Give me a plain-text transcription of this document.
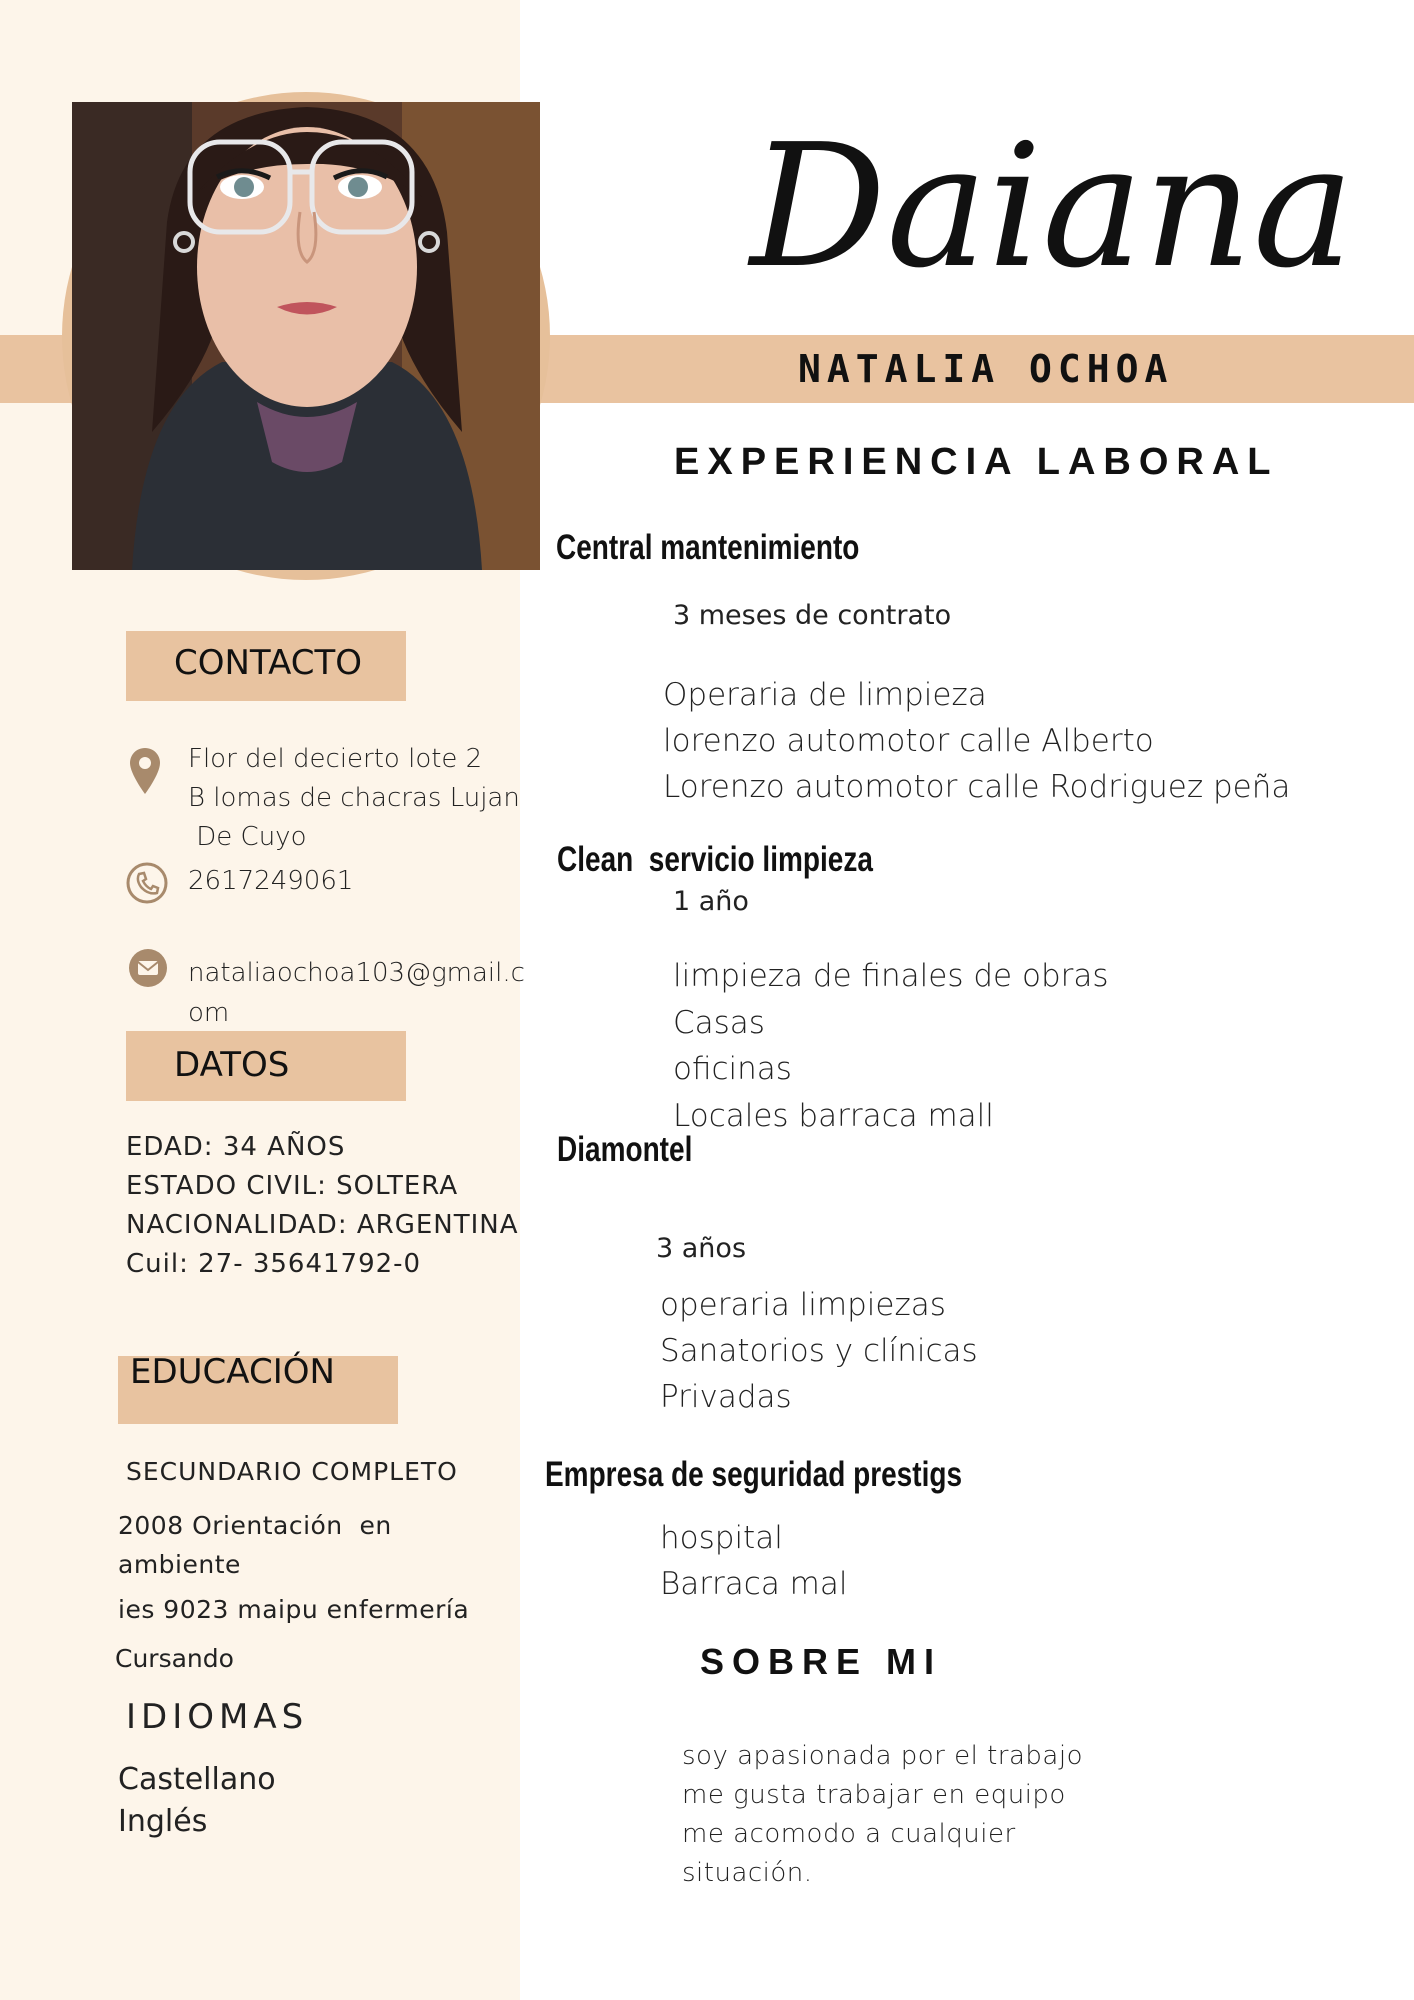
Daiana
NATALIA OCHOA
CONTACTO
Flor del decierto lote 2
B lomas de chacras Lujan
De Cuyo
2617249061
nataliaochoa103@gmail.c
om
DATOS
EDAD: 34 AÑOS
ESTADO CIVIL: SOLTERA
NACIONALIDAD: ARGENTINA
Cuil: 27- 35641792-0
EDUCACIÓN
SECUNDARIO COMPLETO
2008 Orientación  en
ambiente
ies 9023 maipu enfermería
Cursando
IDIOMAS
Castellano
Inglés
EXPERIENCIA LABORAL
Central mantenimiento
3 meses de contrato
Operaria de limpieza
lorenzo automotor calle Alberto
Lorenzo automotor calle Rodriguez peña
Clean  servicio limpieza
1 año
limpieza de finales de obras
Casas
oficinas
Locales barraca mall
Diamontel
3 años
operaria limpiezas
Sanatorios y clínicas
Privadas
Empresa de seguridad prestigs
hospital
Barraca mal
SOBRE MI
soy apasionada por el trabajo
me gusta trabajar en equipo
me acomodo a cualquier
situación.
